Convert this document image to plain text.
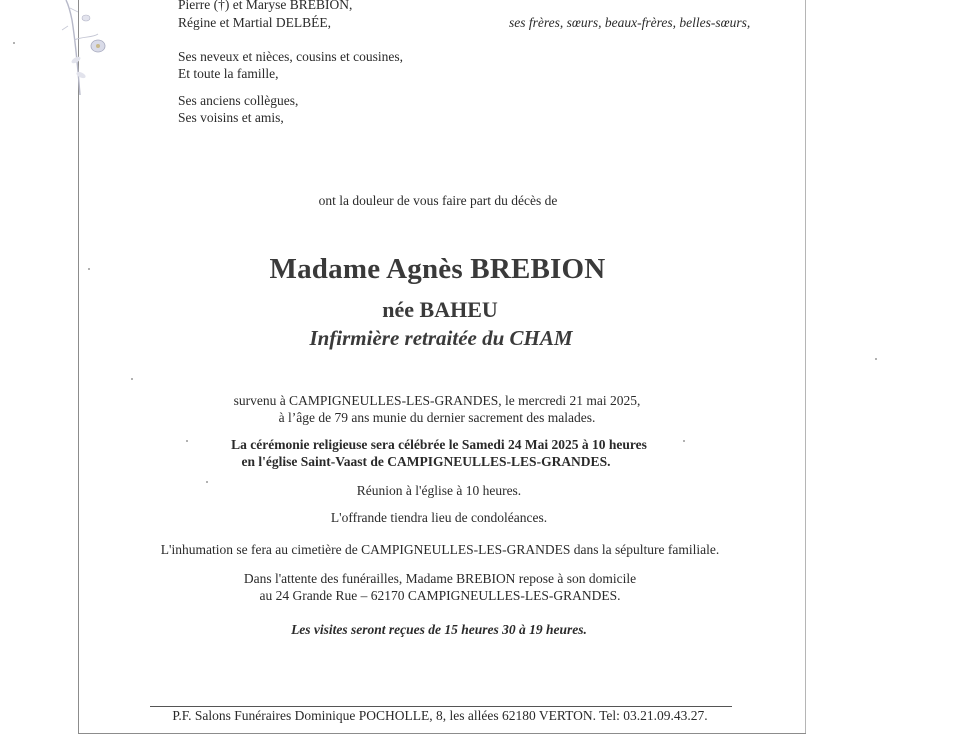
Pierre (†) et Maryse BREBION,
Régine et Martial DELBÉE,	ses frères, sœurs, beaux-frères, belles-sœurs,
Ses neveux et nièces, cousins et cousines,
Et toute la famille,
Ses anciens collègues,
Ses voisins et amis,
ont la douleur de vous faire part du décès de
Madame Agnès BREBION
née BAHEU
Infirmière retraitée du CHAM
survenu à CAMPIGNEULLES-LES-GRANDES, le mercredi 21 mai 2025,
à l’âge de 79 ans munie du dernier sacrement des malades.
La cérémonie religieuse sera célébrée le Samedi 24 Mai 2025 à 10 heures
en l'église Saint-Vaast de CAMPIGNEULLES-LES-GRANDES.
Réunion à l'église à 10 heures.
L'offrande tiendra lieu de condoléances.
L'inhumation se fera au cimetière de CAMPIGNEULLES-LES-GRANDES dans la sépulture familiale.
Dans l'attente des funérailles, Madame BREBION repose à son domicile
au 24 Grande Rue – 62170 CAMPIGNEULLES-LES-GRANDES.
Les visites seront reçues de 15 heures 30 à 19 heures.
P.F. Salons Funéraires Dominique POCHOLLE, 8, les allées 62180 VERTON. Tel: 03.21.09.43.27.
